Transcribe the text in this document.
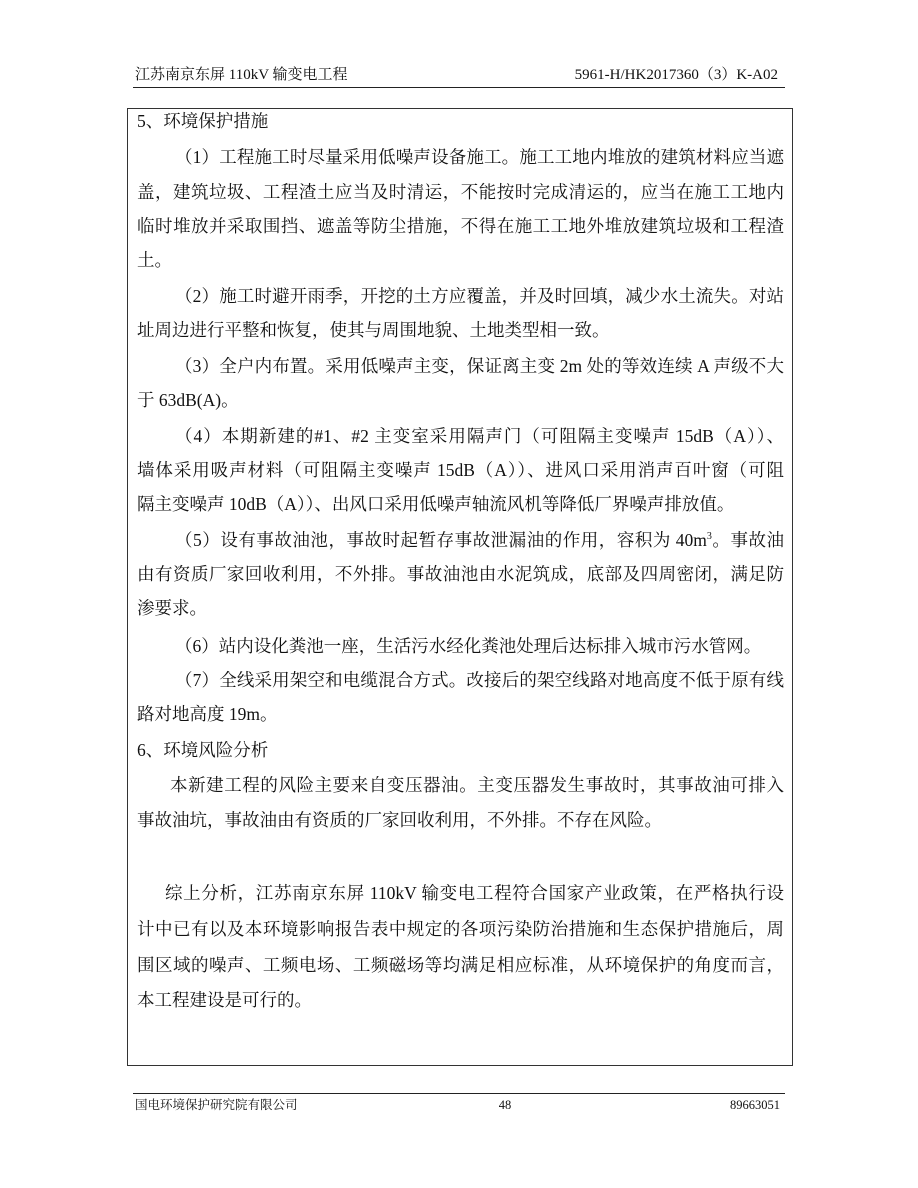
江苏南京东屏 110kV 输变电工程	5961-H/HK2017360（3）K-A02
5、环境保护措施
（1）工程施工时尽量采用低噪声设备施工。施工工地内堆放的建筑材料应当遮
盖，建筑垃圾、工程渣土应当及时清运，不能按时完成清运的，应当在施工工地内
临时堆放并采取围挡、遮盖等防尘措施，不得在施工工地外堆放建筑垃圾和工程渣
土。
（2）施工时避开雨季，开挖的土方应覆盖，并及时回填，减少水土流失。对站
址周边进行平整和恢复，使其与周围地貌、土地类型相一致。
（3）全户内布置。采用低噪声主变，保证离主变 2m 处的等效连续 A 声级不大
于 63dB(A)。
（4）本期新建的#1、#2 主变室采用隔声门（可阻隔主变噪声 15dB（A））、
墙体采用吸声材料（可阻隔主变噪声 15dB（A））、进风口采用消声百叶窗（可阻
隔主变噪声 10dB（A））、出风口采用低噪声轴流风机等降低厂界噪声排放值。
（5）设有事故油池，事故时起暂存事故泄漏油的作用，容积为 $40m^3$。事故油
由有资质厂家回收利用，不外排。事故油池由水泥筑成，底部及四周密闭，满足防
渗要求。
（6）站内设化粪池一座，生活污水经化粪池处理后达标排入城市污水管网。
（7）全线采用架空和电缆混合方式。改接后的架空线路对地高度不低于原有线
路对地高度 19m。
6、环境风险分析
本新建工程的风险主要来自变压器油。主变压器发生事故时，其事故油可排入
事故油坑，事故油由有资质的厂家回收利用，不外排。不存在风险。
综上分析，江苏南京东屏 110kV 输变电工程符合国家产业政策，在严格执行设
计中已有以及本环境影响报告表中规定的各项污染防治措施和生态保护措施后，周
围区域的噪声、工频电场、工频磁场等均满足相应标准，从环境保护的角度而言，
本工程建设是可行的。
国电环境保护研究院有限公司	48	89663051
